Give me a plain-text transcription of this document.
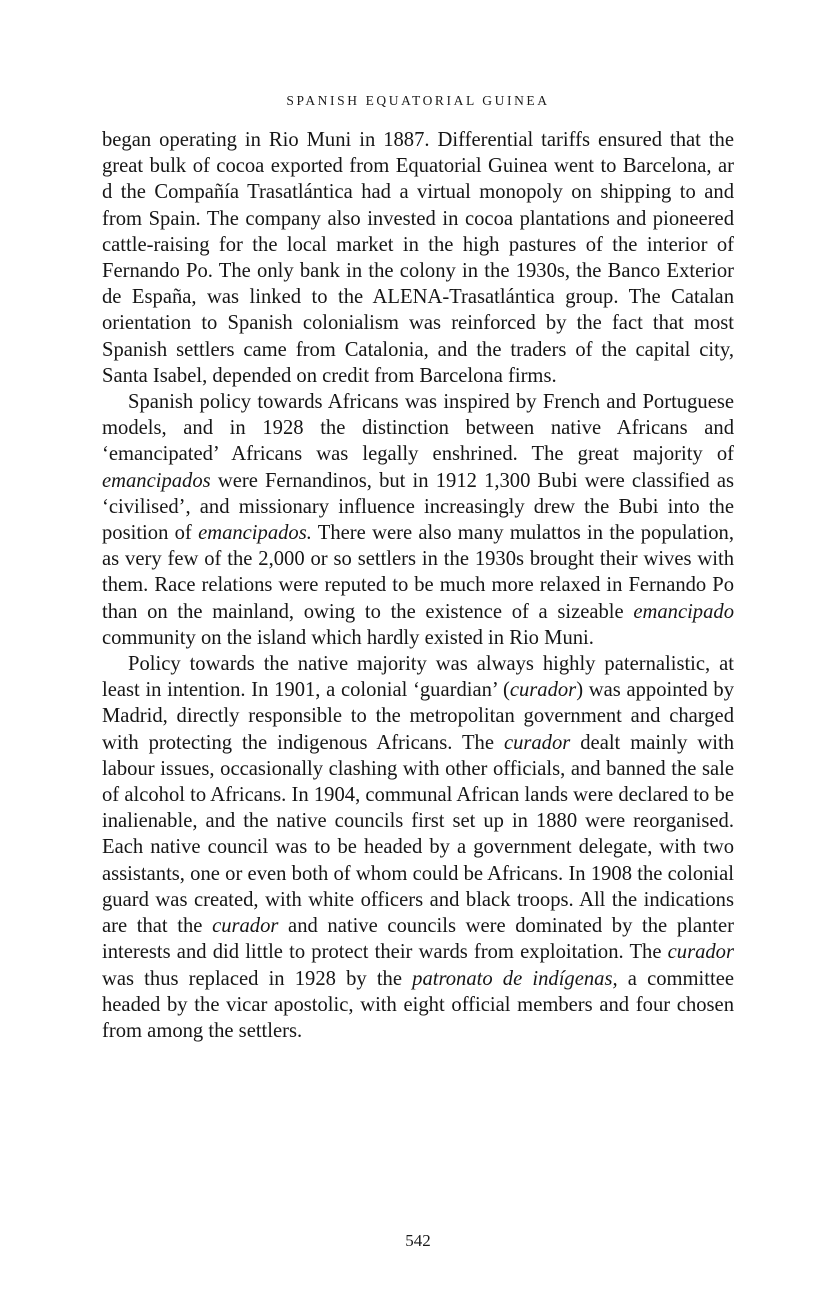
SPANISH EQUATORIAL GUINEA

began operating in Rio Muni in 1887. Differential tariffs ensured that the great bulk of cocoa exported from Equatorial Guinea went to Barcelona, ar d the Compañía Trasatlántica had a virtual monopoly on shipping to and from Spain. The company also invested in cocoa plantations and pioneered cattle-raising for the local market in the high pastures of the interior of Fernando Po. The only bank in the colony in the 1930s, the Banco Exterior de España, was linked to the ALENA-Trasatlántica group. The Catalan orientation to Spanish colonialism was reinforced by the fact that most Spanish settlers came from Catalonia, and the traders of the capital city, Santa Isabel, depended on credit from Barcelona firms.

Spanish policy towards Africans was inspired by French and Portuguese models, and in 1928 the distinction between native Africans and ‘emancipated’ Africans was legally enshrined. The great majority of emancipados were Fernandinos, but in 1912 1,300 Bubi were classified as ‘civilised’, and missionary influence increasingly drew the Bubi into the position of emancipados. There were also many mulattos in the population, as very few of the 2,000 or so settlers in the 1930s brought their wives with them. Race relations were reputed to be much more relaxed in Fernando Po than on the mainland, owing to the existence of a sizeable emancipado community on the island which hardly existed in Rio Muni.

Policy towards the native majority was always highly paternalistic, at least in intention. In 1901, a colonial ‘guardian’ (curador) was appointed by Madrid, directly responsible to the metropolitan government and charged with protecting the indigenous Africans. The curador dealt mainly with labour issues, occasionally clashing with other officials, and banned the sale of alcohol to Africans. In 1904, communal African lands were declared to be inalienable, and the native councils first set up in 1880 were reorganised. Each native council was to be headed by a government delegate, with two assistants, one or even both of whom could be Africans. In 1908 the colonial guard was created, with white officers and black troops. All the indications are that the curador and native councils were dominated by the planter interests and did little to protect their wards from exploitation. The curador was thus replaced in 1928 by the patronato de indígenas, a committee headed by the vicar apostolic, with eight official members and four chosen from among the settlers.

542
